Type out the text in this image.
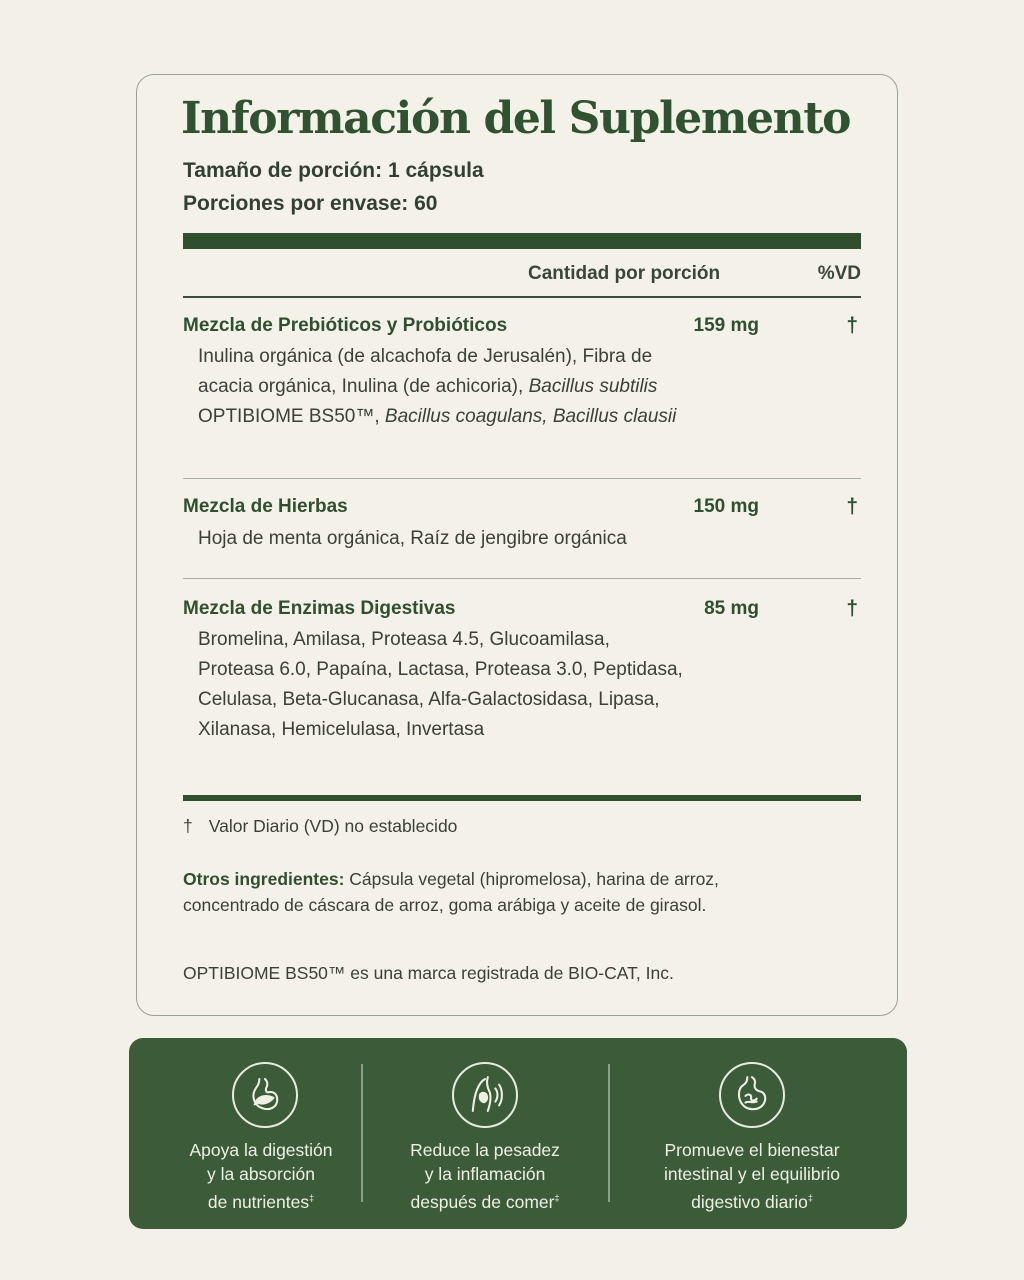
Información del Suplemento
Tamaño de porción: 1 cápsula
Porciones por envase: 60
Cantidad por porción	%VD
Mezcla de Prebióticos y Probióticos	159 mg	†
Inulina orgánica (de alcachofa de Jerusalén), Fibra de acacia orgánica, Inulina (de achicoria), Bacillus subtilis OPTIBIOME BS50™, Bacillus coagulans, Bacillus clausii
Mezcla de Hierbas	150 mg	†
Hoja de menta orgánica, Raíz de jengibre orgánica
Mezcla de Enzimas Digestivas	85 mg	†
Bromelina, Amilasa, Proteasa 4.5, Glucoamilasa, Proteasa 6.0, Papaína, Lactasa, Proteasa 3.0, Peptidasa, Celulasa, Beta-Glucanasa, Alfa-Galactosidasa, Lipasa, Xilanasa, Hemicelulasa, Invertasa
† Valor Diario (VD) no establecido
Otros ingredientes: Cápsula vegetal (hipromelosa), harina de arroz, concentrado de cáscara de arroz, goma arábiga y aceite de girasol.
OPTIBIOME BS50™ es una marca registrada de BIO-CAT, Inc.
Apoya la digestión
y la absorción
de nutrientes‡
Reduce la pesadez
y la inflamación
después de comer‡
Promueve el bienestar
intestinal y el equilibrio
digestivo diario‡
